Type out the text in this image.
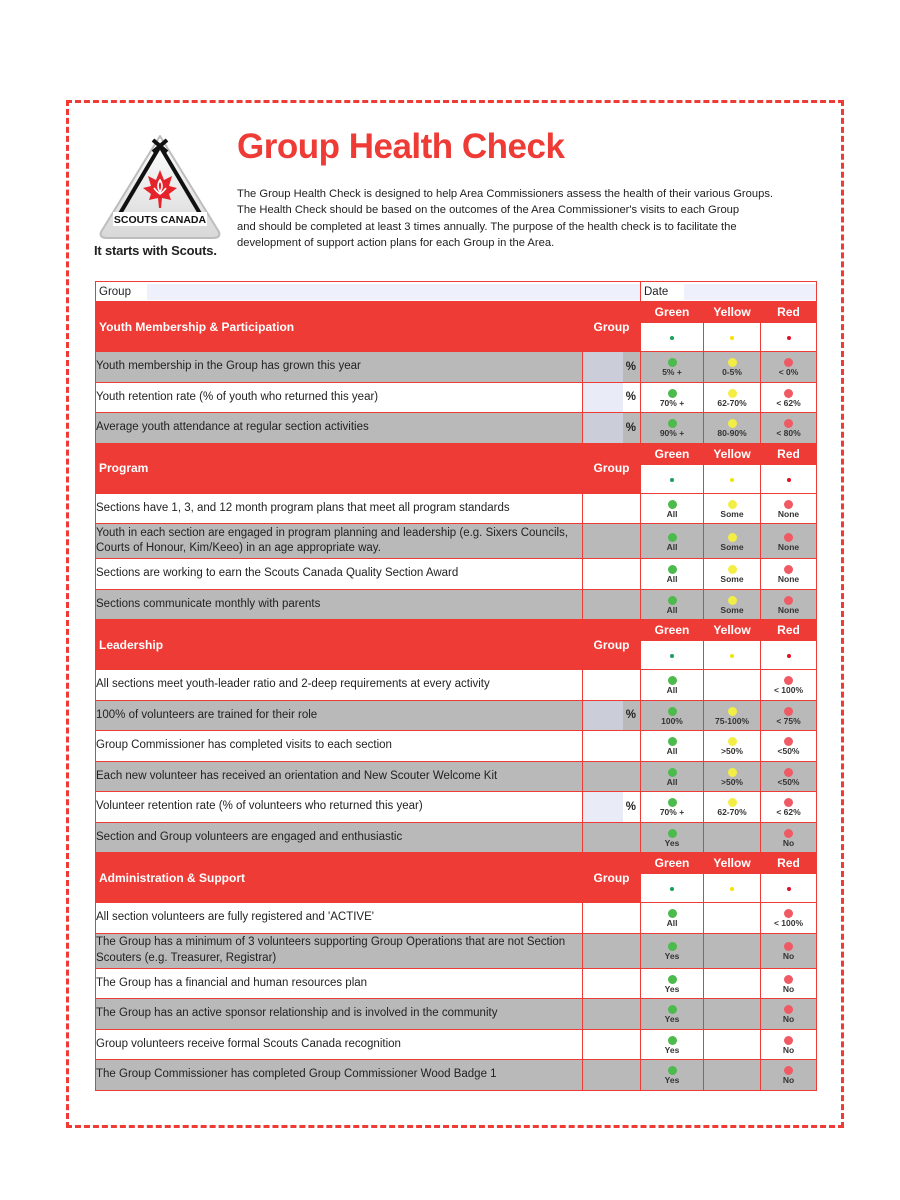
SCOUTS CANADA
It starts with Scouts.
Group Health Check
The Group Health Check is designed to help Area Commissioners assess the health of their various Groups.
The Health Check should be based on the outcomes of the Area Commissioner's visits to each Group
and should be completed at least 3 times annually. The purpose of the health check is to facilitate the
development of support action plans for each Group in the Area.
Group		Date		

Youth Membership & Participation	Group	Green	Yellow	Red

Youth membership in the Group has grown this year	%	5% +	0-5%	< 0%

Youth retention rate (% of youth who returned this year)	%	70% +	62-70%	< 62%

Average youth attendance at regular section activities	%	90% +	80-90%	< 80%

Program	Group	Green	Yellow	Red

Sections have 1, 3, and 12 month program plans that meet all program standards		All	Some	None

Youth in each section are engaged in program planning and leadership (e.g. Sixers Councils, Courts of Honour, Kim/Keeo) in an age appropriate way.		All	Some	None

Sections are working to earn the Scouts Canada Quality Section Award		All	Some	None

Sections communicate monthly with parents		All	Some	None

Leadership	Group	Green	Yellow	Red

All sections meet youth-leader ratio and 2-deep requirements at every activity		All		< 100%

100% of volunteers are trained for their role	%	100%	75-100%	< 75%

Group Commissioner has completed visits to each section		All	>50%	<50%

Each new volunteer has received an orientation and New Scouter Welcome Kit		All	>50%	<50%

Volunteer retention rate (% of volunteers who returned this year)	%	70% +	62-70%	< 62%

Section and Group volunteers are engaged and enthusiastic		Yes		No

Administration & Support	Group	Green	Yellow	Red

All section volunteers are fully registered and 'ACTIVE'		All		< 100%

The Group has a minimum of 3 volunteers supporting Group Operations that are not Section Scouters (e.g. Treasurer, Registrar)		Yes		No

The Group has a financial and human resources plan		Yes		No

The Group has an active sponsor relationship and is involved in the community		Yes		No

Group volunteers receive formal Scouts Canada recognition		Yes		No

The Group Commissioner has completed Group Commissioner Wood Badge 1		Yes		No
